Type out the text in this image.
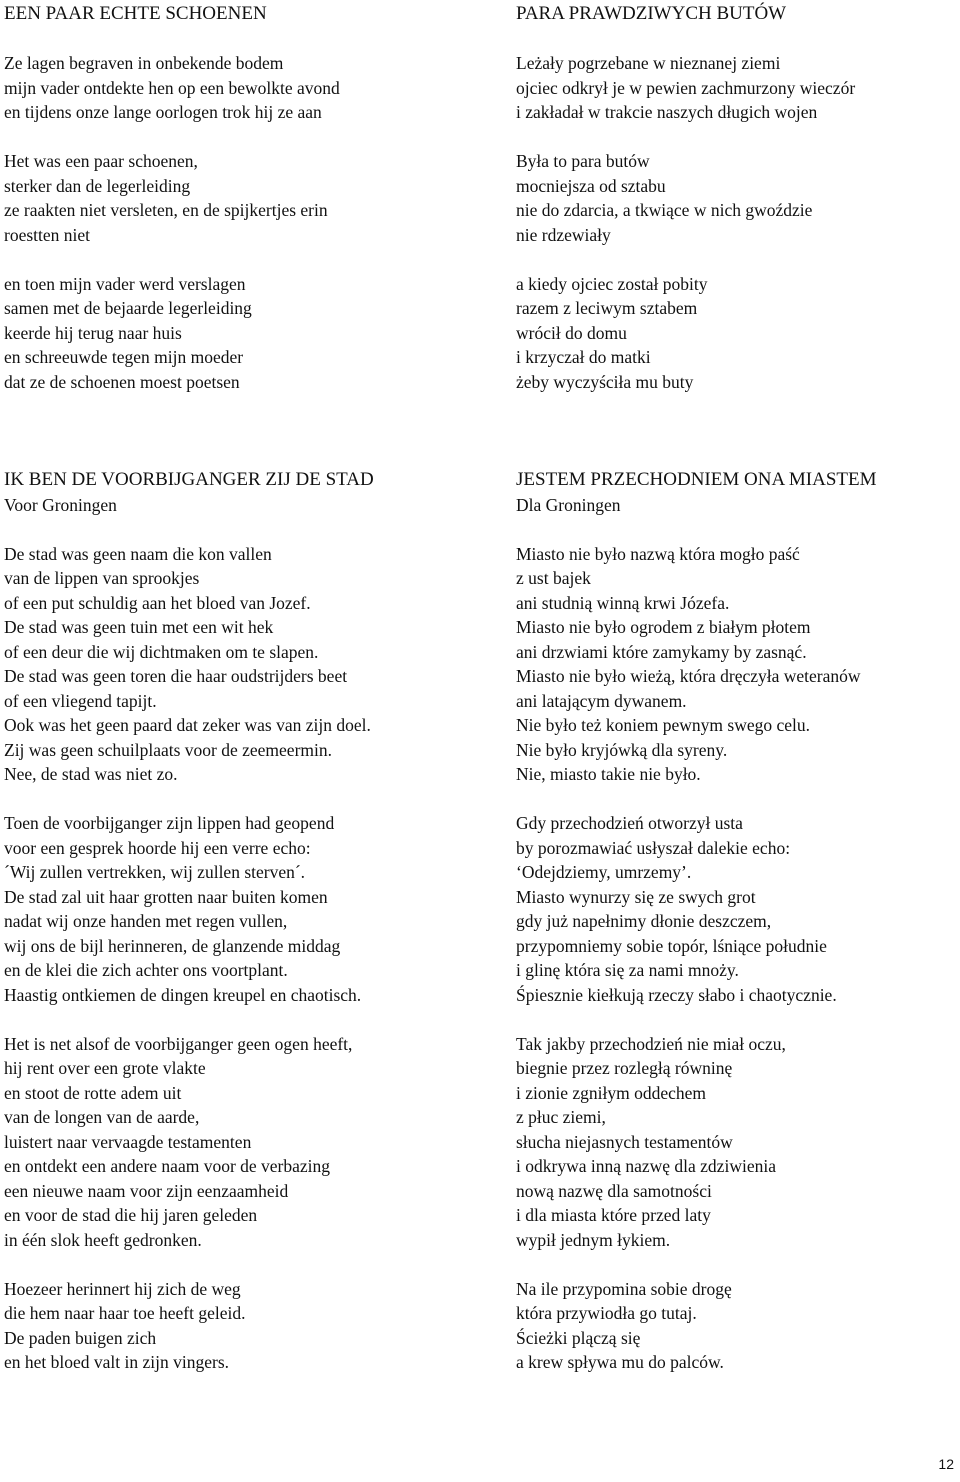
EEN PAAR ECHTE SCHOENEN
Ze lagen begraven in onbekende bodem
mijn vader ontdekte hen op een bewolkte avond
en tijdens onze lange oorlogen trok hij ze aan
Het was een paar schoenen,
sterker dan de legerleiding
ze raakten niet versleten, en de spijkertjes erin
roestten niet
en toen mijn vader werd verslagen
samen met de bejaarde legerleiding
keerde hij terug naar huis
en schreeuwde tegen mijn moeder
dat ze de schoenen moest poetsen
PARA PRAWDZIWYCH BUTÓW
Leżały pogrzebane w nieznanej ziemi
ojciec odkrył je w pewien zachmurzony wieczór
i zakładał w trakcie naszych długich wojen
Była to para butów
mocniejsza od sztabu
nie do zdarcia, a tkwiące w nich gwoździe
nie rdzewiały
a kiedy ojciec został pobity
razem z leciwym sztabem
wrócił do domu
i krzyczał do matki
żeby wyczyściła mu buty
IK BEN DE VOORBIJGANGER ZIJ DE STAD
Voor Groningen
De stad was geen naam die kon vallen
van de lippen van sprookjes
of een put schuldig aan het bloed van Jozef.
De stad was geen tuin met een wit hek
of een deur die wij dichtmaken om te slapen.
De stad was geen toren die haar oudstrijders beet
of een vliegend tapijt.
Ook was het geen paard dat zeker was van zijn doel.
Zij was geen schuilplaats voor de zeemeermin.
Nee, de stad was niet zo.
Toen de voorbijganger zijn lippen had geopend
voor een gesprek hoorde hij een verre echo:
´Wij zullen vertrekken, wij zullen sterven´.
De stad zal uit haar grotten naar buiten komen
nadat wij onze handen met regen vullen,
wij ons de bijl herinneren, de glanzende middag
en de klei die zich achter ons voortplant.
Haastig ontkiemen de dingen kreupel en chaotisch.
Het is net alsof de voorbijganger geen ogen heeft,
hij rent over een grote vlakte
en stoot de rotte adem uit
van de longen van de aarde,
luistert naar vervaagde testamenten
en ontdekt een andere naam voor de verbazing
een nieuwe naam voor zijn eenzaamheid
en voor de stad die hij jaren geleden
in één slok heeft gedronken.
Hoezeer herinnert hij zich de weg
die hem naar haar toe heeft geleid.
De paden buigen zich
en het bloed valt in zijn vingers.
JESTEM PRZECHODNIEM ONA MIASTEM
Dla Groningen
Miasto nie było nazwą która mogło paść
z ust bajek
ani studnią winną krwi Józefa.
Miasto nie było ogrodem z białym płotem
ani drzwiami które zamykamy by zasnąć.
Miasto nie było wieżą, która dręczyła weteranów
ani latającym dywanem.
Nie było też koniem pewnym swego celu.
Nie było kryjówką dla syreny.
Nie, miasto takie nie było.
Gdy przechodzień otworzył usta
by porozmawiać usłyszał dalekie echo:
‘Odejdziemy, umrzemy’.
Miasto wynurzy się ze swych grot
gdy już napełnimy dłonie deszczem,
przypomniemy sobie topór, lśniące południe
i glinę która się za nami mnoży.
Śpiesznie kiełkują rzeczy słabo i chaotycznie.
Tak jakby przechodzień nie miał oczu,
biegnie przez rozległą równinę
i zionie zgniłym oddechem
z płuc ziemi,
słucha niejasnych testamentów
i odkrywa inną nazwę dla zdziwienia
nową nazwę dla samotności
i dla miasta które przed laty
wypił jednym łykiem.
Na ile przypomina sobie drogę
która przywiodła go tutaj.
Ścieżki plączą się
a krew spływa mu do palców.
12
